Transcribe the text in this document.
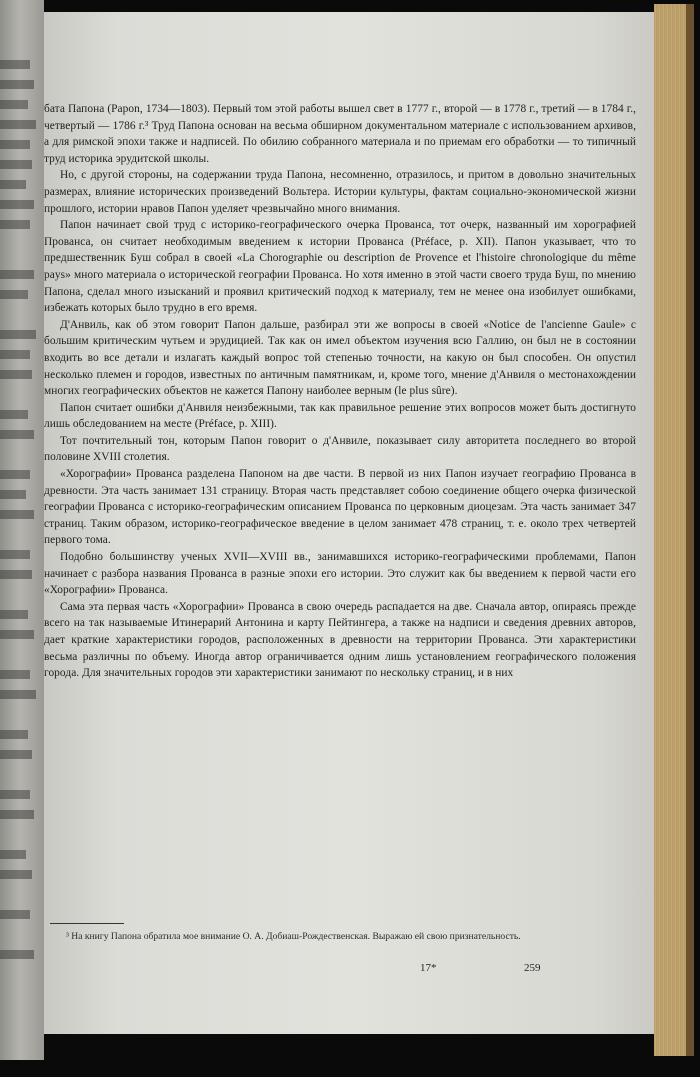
бата Папона (Papon, 1734—1803). Первый том этой работы вышел свет в 1777 г., второй — в 1778 г., третий — в 1784 г., четвертый — 1786 г.³ Труд Папона основан на весьма обширном документальном материале с использованием архивов, а для римской эпохи также и надписей. По обилию собранного материала и по приемам его обработки — то типичный труд историка эрудитской школы.

Но, с другой стороны, на содержании труда Папона, несомненно, отразилось, и притом в довольно значительных размерах, влияние исторических произведений Вольтера. Истории культуры, фактам социально-экономической жизни прошлого, истории нравов Папон уделяет чрезвычайно много внимания.

Папон начинает свой труд с историко-географического очерка Прованса, тот очерк, названный им хорографией Прованса, он считает необходимым введением к истории Прованса (Préface, p. XII). Папон указывает, что то предшественник Буш собрал в своей «La Chorographie ou description de Provence et l'histoire chronologique du même pays» много материала о исторической географии Прованса. Но хотя именно в этой части своего труда Буш, по мнению Папона, сделал много изысканий и проявил критический подход к материалу, тем не менее она изобилует ошибками, избежать которых было трудно в его время.

Д'Анвиль, как об этом говорит Папон дальше, разбирал эти же вопросы в своей «Notice de l'ancienne Gaule» с большим критическим чутьем и эрудицией. Так как он имел объектом изучения всю Галлию, он был не в состоянии входить во все детали и излагать каждый вопрос той степенью точности, на какую он был способен. Он опустил несколько племен и городов, известных по античным памятникам, и, кроме того, мнение д'Анвиля о местонахождении многих географических объектов не кажется Папону наиболее верным (le plus sûre).

Папон считает ошибки д'Анвиля неизбежными, так как правильное решение этих вопросов может быть достигнуто лишь обследованием на месте (Préface, p. XIII).

Тот почтительный тон, которым Папон говорит о д'Анвиле, показывает силу авторитета последнего во второй половине XVIII столетия.

«Хорографии» Прованса разделена Папоном на две части. В первой из них Папон изучает географию Прованса в древности. Эта часть занимает 131 страницу. Вторая часть представляет собою соединение общего очерка физической географии Прованса с историко-географическим описанием Прованса по церковным диоцезам. Эта часть занимает 347 страниц. Таким образом, историко-географическое введение в целом занимает 478 страниц, т. е. около трех четвертей первого тома.

Подобно большинству ученых XVII—XVIII вв., занимавшихся историко-географическими проблемами, Папон начинает с разбора названия Прованса в разные эпохи его истории. Это служит как бы введением к первой части его «Хорографии» Прованса.

Сама эта первая часть «Хорографии» Прованса в свою очередь распадается на две. Сначала автор, опираясь прежде всего на так называемые Итинерарий Антонина и карту Пейтингера, а также на надписи и сведения древних авторов, дает краткие характеристики городов, расположенных в древности на территории Прованса. Эти характеристики весьма различны по объему. Иногда автор ограничивается одним лишь установлением географического положения города. Для значительных городов эти характеристики занимают по нескольку страниц, и в них

³ На книгу Папона обратила мое внимание О. А. Добиаш-Рождественская. Выражаю ей свою признательность.

17*	259
